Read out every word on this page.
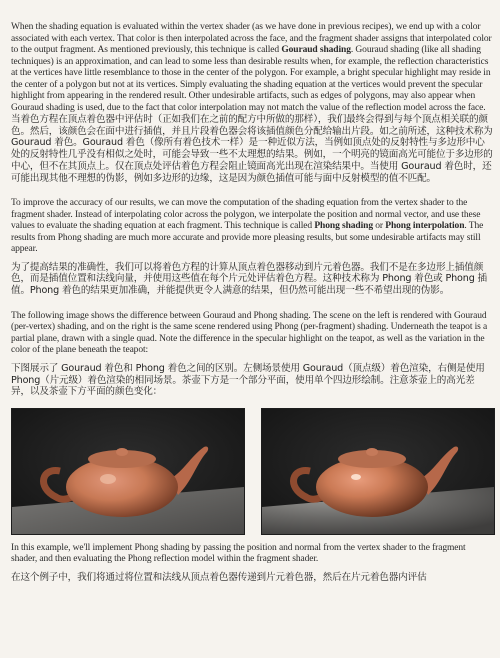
When the shading equation is evaluated within the vertex shader (as we have done in previous recipes), we end up with a color associated with each vertex. That color is then interpolated across the face, and the fragment shader assigns that interpolated color to the output fragment. As mentioned previously, this technique is called Gouraud shading. Gouraud shading (like all shading techniques) is an approximation, and can lead to some less than desirable results when, for example, the reflection characteristics at the vertices have little resemblance to those in the center of the polygon. For example, a bright specular highlight may reside in the center of a polygon but not at its vertices. Simply evaluating the shading equation at the vertices would prevent the specular highlight from appearing in the rendered result. Other undesirable artifacts, such as edges of polygons, may also appear when Gouraud shading is used, due to the fact that color interpolation may not match the value of the reflection model across the face.

当着色方程在顶点着色器中评估时（正如我们在之前的配方中所做的那样），我们最终会得到与每个顶点相关联的颜色。然后，该颜色会在面中进行插值，并且片段着色器会将该插值颜色分配给输出片段。如之前所述，这种技术称为 Gouraud 着色。Gouraud 着色（像所有着色技术一样）是一种近似方法，当例如顶点处的反射特性与多边形中心处的反射特性几乎没有相似之处时，可能会导致一些不太理想的结果。例如，一个明亮的镜面高光可能位于多边形的中心，但不在其顶点上。仅在顶点处评估着色方程会阻止镜面高光出现在渲染结果中。当使用 Gouraud 着色时，还可能出现其他不理想的伪影，例如多边形的边缘，这是因为颜色插值可能与面中反射模型的值不匹配。

To improve the accuracy of our results, we can move the computation of the shading equation from the vertex shader to the fragment shader. Instead of interpolating color across the polygon, we interpolate the position and normal vector, and use these values to evaluate the shading equation at each fragment. This technique is called Phong shading or Phong interpolation. The results from Phong shading are much more accurate and provide more pleasing results, but some undesirable artifacts may still appear.

为了提高结果的准确性，我们可以将着色方程的计算从顶点着色器移动到片元着色器。我们不是在多边形上插值颜色，而是插值位置和法线向量，并使用这些值在每个片元处评估着色方程。这种技术称为 Phong 着色或 Phong 插值。Phong 着色的结果更加准确，并能提供更令人满意的结果，但仍然可能出现一些不希望出现的伪影。

The following image shows the difference between Gouraud and Phong shading. The scene on the left is rendered with Gouraud (per-vertex) shading, and on the right is the same scene rendered using Phong (per-fragment) shading. Underneath the teapot is a partial plane, drawn with a single quad. Note the difference in the specular highlight on the teapot, as well as the variation in the color of the plane beneath the teapot:

下图展示了 Gouraud 着色和 Phong 着色之间的区别。左侧场景使用 Gouraud（顶点级）着色渲染，右侧是使用 Phong（片元级）着色渲染的相同场景。茶壶下方是一个部分平面，使用单个四边形绘制。注意茶壶上的高光差异，以及茶壶下方平面的颜色变化：

In this example, we'll implement Phong shading by passing the position and normal from the vertex shader to the fragment shader, and then evaluating the Phong reflection model within the fragment shader.

在这个例子中，我们将通过将位置和法线从顶点着色器传递到片元着色器，然后在片元着色器内评估
